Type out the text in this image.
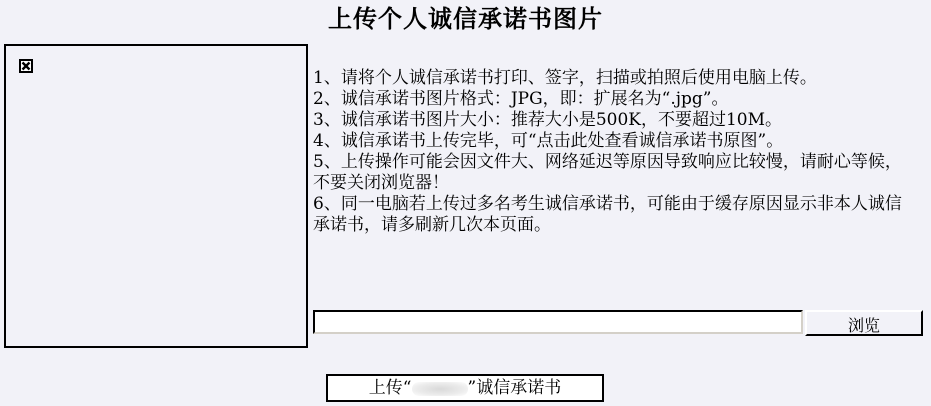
上传个人诚信承诺书图片

1、请将个人诚信承诺书打印、签字，扫描或拍照后使用电脑上传。

2、诚信承诺书图片格式：JPG，即：扩展名为“.jpg”。

3、诚信承诺书图片大小：推荐大小是500K，不要超过10M。

4、诚信承诺书上传完毕，可“点击此处查看诚信承诺书原图”。

5、上传操作可能会因文件大、网络延迟等原因导致响应比较慢，请耐心等候，不要关闭浏览器！

6、同一电脑若上传过多名考生诚信承诺书，可能由于缓存原因显示非本人诚信承诺书，请多刷新几次本页面。

浏览
上传“	”诚信承诺书
